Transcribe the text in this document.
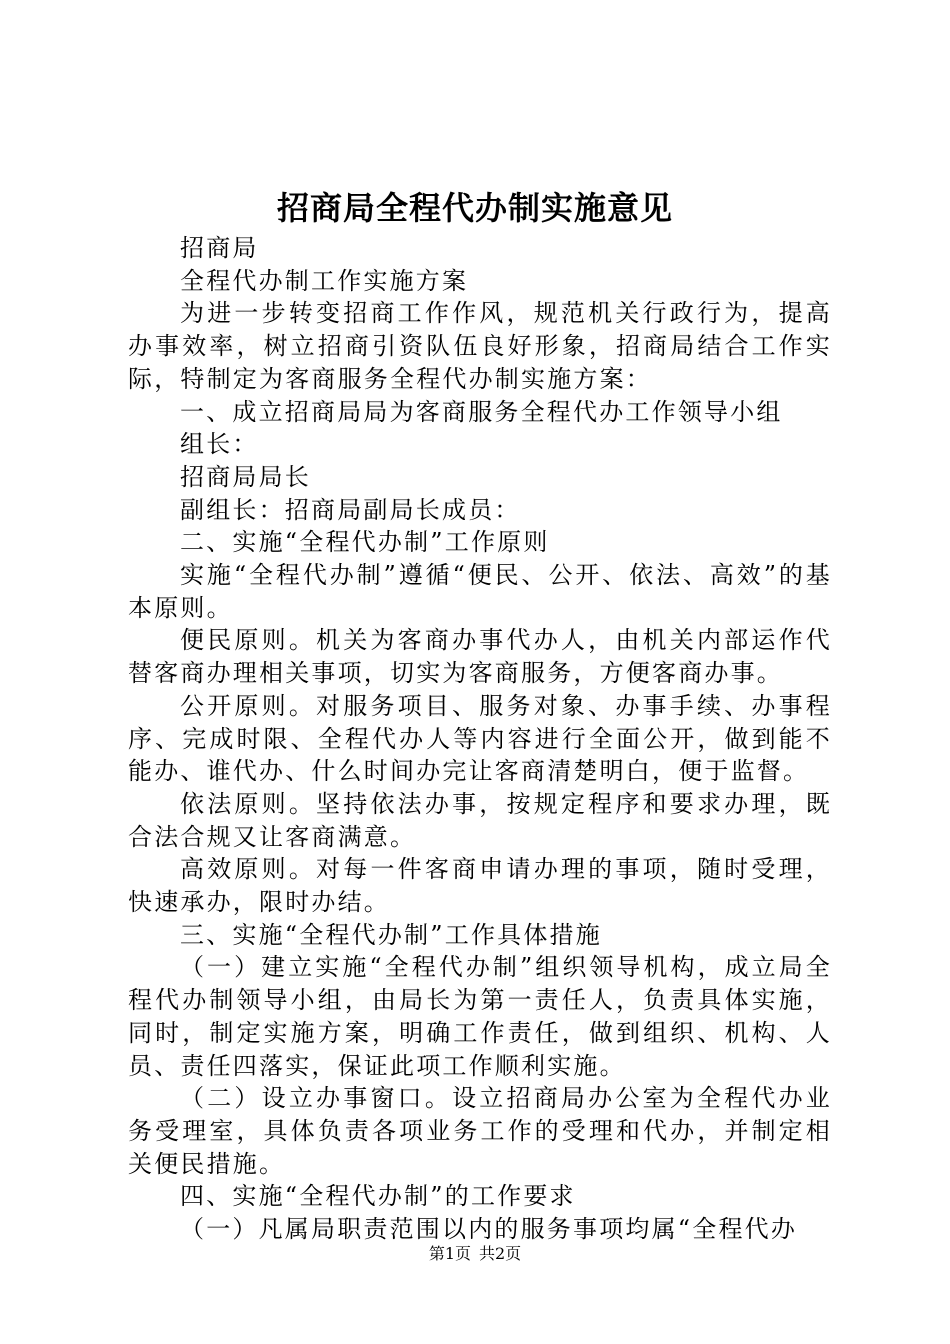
招商局全程代办制实施意见

招商局

全程代办制工作实施方案

为进一步转变招商工作作风，规范机关行政行为，提高办事效率，树立招商引资队伍良好形象，招商局结合工作实际，特制定为客商服务全程代办制实施方案：

一、成立招商局局为客商服务全程代办工作领导小组

组长：

招商局局长

副组长：招商局副局长成员：

二、实施“全程代办制”工作原则

实施“全程代办制”遵循“便民、公开、依法、高效”的基本原则。

便民原则。机关为客商办事代办人，由机关内部运作代替客商办理相关事项，切实为客商服务，方便客商办事。

公开原则。对服务项目、服务对象、办事手续、办事程序、完成时限、全程代办人等内容进行全面公开，做到能不能办、谁代办、什么时间办完让客商清楚明白，便于监督。

依法原则。坚持依法办事，按规定程序和要求办理，既合法合规又让客商满意。

高效原则。对每一件客商申请办理的事项，随时受理，快速承办，限时办结。

三、实施“全程代办制”工作具体措施

（一）建立实施“全程代办制”组织领导机构，成立局全程代办制领导小组，由局长为第一责任人，负责具体实施，同时，制定实施方案，明确工作责任，做到组织、机构、人员、责任四落实，保证此项工作顺利实施。

（二）设立办事窗口。设立招商局办公室为全程代办业务受理室，具体负责各项业务工作的受理和代办，并制定相关便民措施。

四、实施“全程代办制”的工作要求

（一）凡属局职责范围以内的服务事项均属“全程代办

第1页 共2页
